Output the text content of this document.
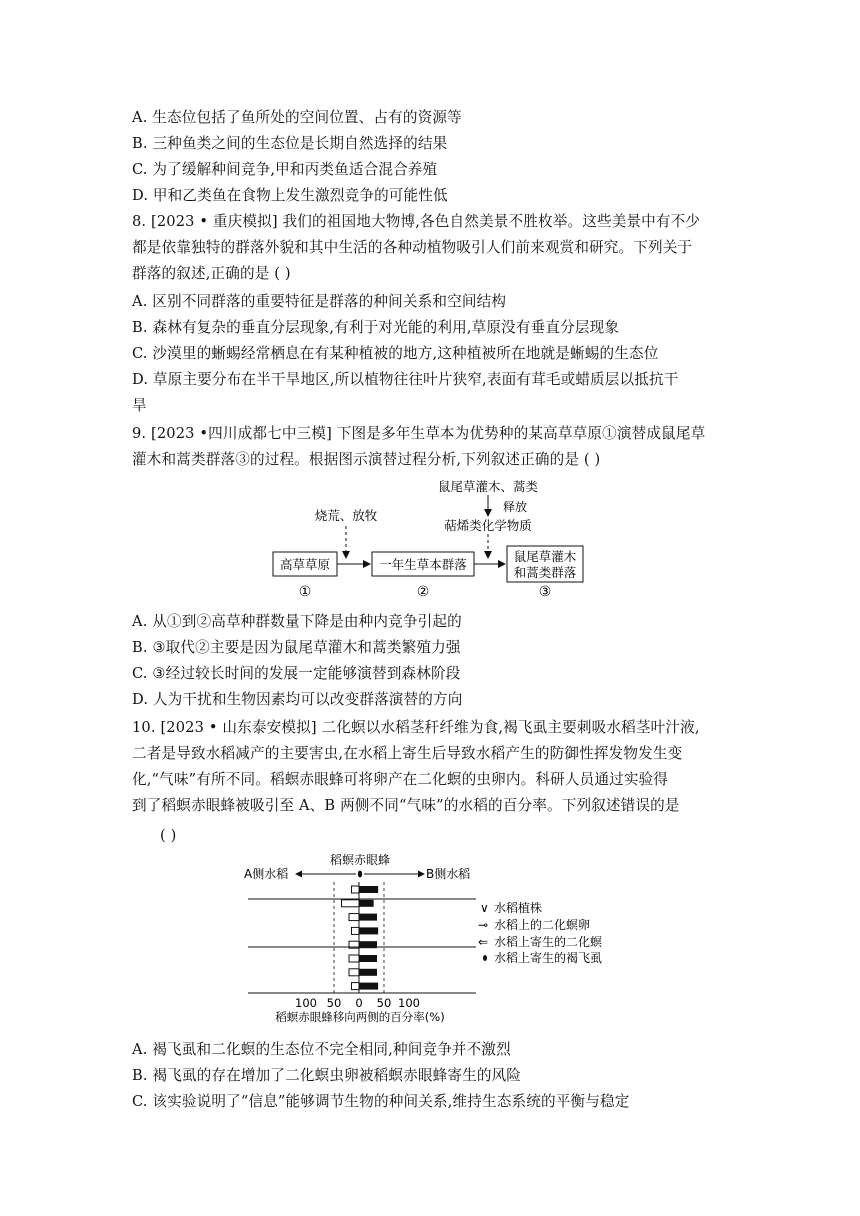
A. 生态位包括了鱼所处的空间位置、占有的资源等
B. 三种鱼类之间的生态位是长期自然选择的结果
C. 为了缓解种间竞争,甲和丙类鱼适合混合养殖
D. 甲和乙类鱼在食物上发生激烈竞争的可能性低
8. [2023 • 重庆模拟] 我们的祖国地大物博,各色自然美景不胜枚举。这些美景中有不少
都是依靠独特的群落外貌和其中生活的各种动植物吸引人们前来观赏和研究。下列关于
群落的叙述,正确的是 ( )
A. 区别不同群落的重要特征是群落的种间关系和空间结构
B. 森林有复杂的垂直分层现象,有利于对光能的利用,草原没有垂直分层现象
C. 沙漠里的蜥蜴经常栖息在有某种植被的地方,这种植被所在地就是蜥蜴的生态位
D. 草原主要分布在半干旱地区,所以植物往往叶片狭窄,表面有茸毛或蜡质层以抵抗干
旱
9. [2023 •四川成都七中三模] 下图是多年生草本为优势种的某高草草原①演替成鼠尾草
灌木和蒿类群落③的过程。根据图示演替过程分析,下列叙述正确的是 ( )
鼠尾草灌木、蒿类
释放
萜烯类化学物质
烧荒、放牧
高草草原	一年生草本群落
鼠尾草灌木
和蒿类群落
①	②	③
A. 从①到②高草种群数量下降是由种内竞争引起的
B. ③取代②主要是因为鼠尾草灌木和蒿类繁殖力强
C. ③经过较长时间的发展一定能够演替到森林阶段
D. 人为干扰和生物因素均可以改变群落演替的方向
10. [2023 • 山东泰安模拟] 二化螟以水稻茎秆纤维为食,褐飞虱主要刺吸水稻茎叶汁液,
二者是导致水稻减产的主要害虫,在水稻上寄生后导致水稻产生的防御性挥发物发生变
化,“气味”有所不同。稻螟赤眼蜂可将卵产在二化螟的虫卵内。科研人员通过实验得
到了稻螟赤眼蜂被吸引至 A、B 两侧不同“气味”的水稻的百分率。下列叙述错误的是
( )
稻螟赤眼蜂
A侧水稻	B侧水稻
100 50 0 50 100
稻螟赤眼蜂移向两侧的百分率(%)
∨ 水稻植株
⊸ 水稻上的二化螟卵
⇐ 水稻上寄生的二化螟
水稻上寄生的褐飞虱
A. 褐飞虱和二化螟的生态位不完全相同,种间竞争并不激烈
B. 褐飞虱的存在增加了二化螟虫卵被稻螟赤眼蜂寄生的风险
C. 该实验说明了“信息”能够调节生物的种间关系,维持生态系统的平衡与稳定
